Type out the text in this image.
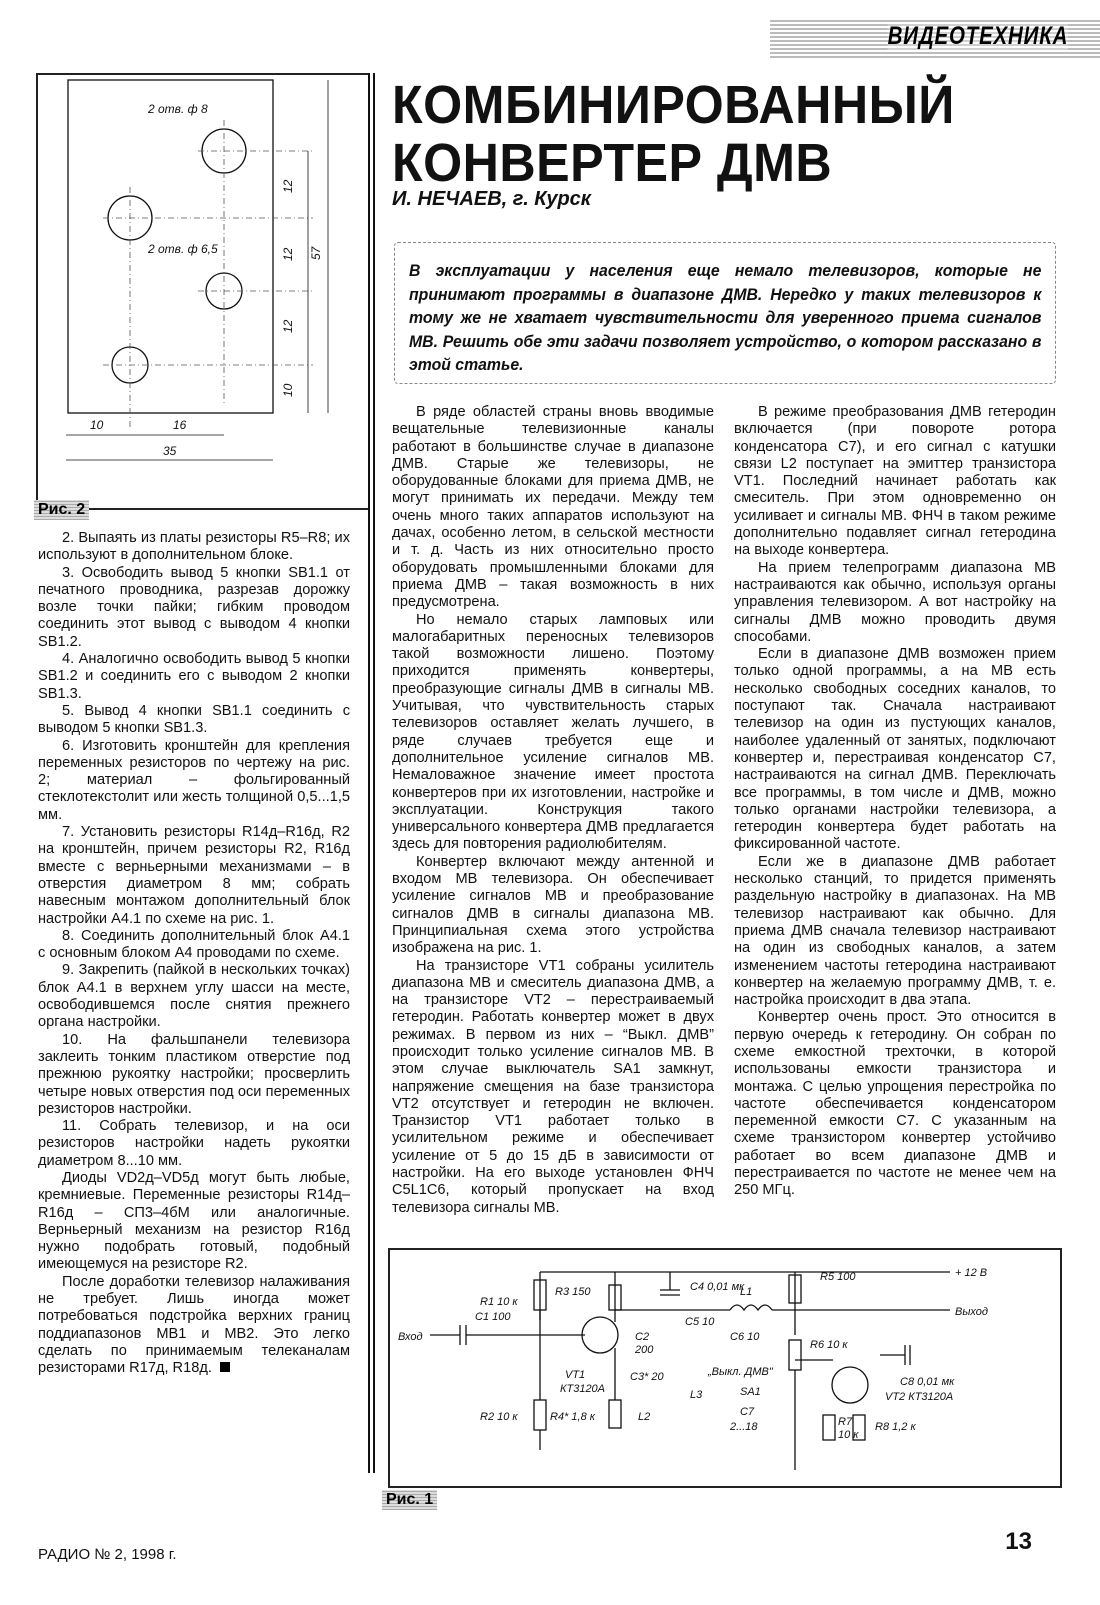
ВИДЕОТЕХНИКА
2 отв. ф 8
2 отв. ф 6,5
12
12
12
10
57
10	16
35
Рис. 2
КОМБИНИРОВАННЫЙ
КОНВЕРТЕР ДМВ
И. НЕЧАЕВ, г. Курск

В эксплуатации у населения еще немало телевизоров, которые не принимают программы в диапазоне ДМВ. Нередко у таких телевизоров к тому же не хватает чувствительности для уверенного приема сигналов МВ. Решить обе эти задачи позволяет устройство, о котором рассказано в этой статье.

2. Выпаять из платы резисторы R5–R8; их используют в дополнительном блоке.

3. Освободить вывод 5 кнопки SB1.1 от печатного проводника, разрезав дорожку возле точки пайки; гибким проводом соединить этот вывод с выводом 4 кнопки SB1.2.

4. Аналогично освободить вывод 5 кнопки SB1.2 и соединить его с выводом 2 кнопки SB1.3.

5. Вывод 4 кнопки SB1.1 соединить с выводом 5 кнопки SB1.3.

6. Изготовить кронштейн для крепления переменных резисторов по чертежу на рис. 2; материал – фольгированный стеклотекстолит или жесть толщиной 0,5...1,5 мм.

7. Установить резисторы R14д–R16д, R2 на кронштейн, причем резисторы R2, R16д вместе с верньерными механизмами – в отверстия диаметром 8 мм; собрать навесным монтажом дополнительный блок настройки А4.1 по схеме на рис. 1.

8. Соединить дополнительный блок А4.1 с основным блоком А4 проводами по схеме.

9. Закрепить (пайкой в нескольких точках) блок А4.1 в верхнем углу шасси на месте, освободившемся после снятия прежнего органа настройки.

10. На фальшпанели телевизора заклеить тонким пластиком отверстие под прежнюю рукоятку настройки; просверлить четыре новых отверстия под оси переменных резисторов настройки.

11. Собрать телевизор, и на оси резисторов настройки надеть рукоятки диаметром 8...10 мм.

Диоды VD2д–VD5д могут быть любые, кремниевые. Переменные резисторы R14д–R16д – СП3–4бМ или аналогичные. Верньерный механизм на резистор R16д нужно подобрать готовый, подобный имеющемуся на резисторе R2.

После доработки телевизор налаживания не требует. Лишь иногда может потребоваться подстройка верхних границ поддиапазонов МВ1 и МВ2. Это легко сделать по принимаемым телеканалам резисторами R17д, R18д.

В ряде областей страны вновь вводимые вещательные телевизионные каналы работают в большинстве случае в диапазоне ДМВ. Старые же телевизоры, не оборудованные блоками для приема ДМВ, не могут принимать их передачи. Между тем очень много таких аппаратов используют на дачах, особенно летом, в сельской местности и т. д. Часть из них относительно просто оборудовать промышленными блоками для приема ДМВ – такая возможность в них предусмотрена.

Но немало старых ламповых или малогабаритных переносных телевизоров такой возможности лишено. Поэтому приходится применять конвертеры, преобразующие сигналы ДМВ в сигналы МВ. Учитывая, что чувствительность старых телевизоров оставляет желать лучшего, в ряде случаев требуется еще и дополнительное усиление сигналов МВ. Немаловажное значение имеет простота конвертеров при их изготовлении, настройке и эксплуатации. Конструкция такого универсального конвертера ДМВ предлагается здесь для повторения радиолюбителям.

Конвертер включают между антенной и входом МВ телевизора. Он обеспечивает усиление сигналов МВ и преобразование сигналов ДМВ в сигналы диапазона МВ. Принципиальная схема этого устройства изображена на рис. 1.

На транзисторе VT1 собраны усилитель диапазона МВ и смеситель диапазона ДМВ, а на транзисторе VT2 – перестраиваемый гетеродин. Работать конвертер может в двух режимах. В первом из них – “Выкл. ДМВ” происходит только усиление сигналов МВ. В этом случае выключатель SA1 замкнут, напряжение смещения на базе транзистора VT2 отсутствует и гетеродин не включен. Транзистор VT1 работает только в усилительном режиме и обеспечивает усиление от 5 до 15 дБ в зависимости от настройки. На его выходе установлен ФНЧ С5L1С6, который пропускает на вход телевизора сигналы МВ.

В режиме преобразования ДМВ гетеродин включается (при повороте ротора конденсатора С7), и его сигнал с катушки связи L2 поступает на эмиттер транзистора VT1. Последний начинает работать как смеситель. При этом одновременно он усиливает и сигналы МВ. ФНЧ в таком режиме дополнительно подавляет сигнал гетеродина на выходе конвертера.

На прием телепрограмм диапазона МВ настраиваются как обычно, используя органы управления телевизором. А вот настройку на сигналы ДМВ можно проводить двумя способами.

Если в диапазоне ДМВ возможен прием только одной программы, а на МВ есть несколько свободных соседних каналов, то поступают так. Сначала настраивают телевизор на один из пустующих каналов, наиболее удаленный от занятых, подключают конвертер и, перестраивая конденсатор С7, настраиваются на сигнал ДМВ. Переключать все программы, в том числе и ДМВ, можно только органами настройки телевизора, а гетеродин конвертера будет работать на фиксированной частоте.

Если же в диапазоне ДМВ работает несколько станций, то придется применять раздельную настройку в диапазонах. На МВ телевизор настраивают как обычно. Для приема ДМВ сначала телевизор настраивают на один из свободных каналов, а затем изменением частоты гетеродина настраивают конвертер на желаемую программу ДМВ, т. е. настройка происходит в два этапа.

Конвертер очень прост. Это относится в первую очередь к гетеродину. Он собран по схеме емкостной трехточки, в которой использованы емкости транзистора и монтажа. С целью упрощения перестройка по частоте обеспечивается конденсатором переменной емкости С7. С указанным на схеме транзистором конвертер устойчиво работает во всем диапазоне ДМВ и перестраивается по частоте не менее чем на 250 МГц.

Вход
Выход
+ 12 В
R1 10 к
C1 100
R2 10 к
R3 150
R4* 1,8 к
VT1
КТ3120А
C2
200
C3* 20
C4 0,01 мк
L1
C5 10
C6 10
L2
L3
„Выкл. ДМВ"
SA1
C7
2...18
R5 100
R6 10 к
C8 0,01 мк
VT2 КТ3120А
R7
10 к
R8 1,2 к
Рис. 1
РАДИО № 2, 1998 г.	13
